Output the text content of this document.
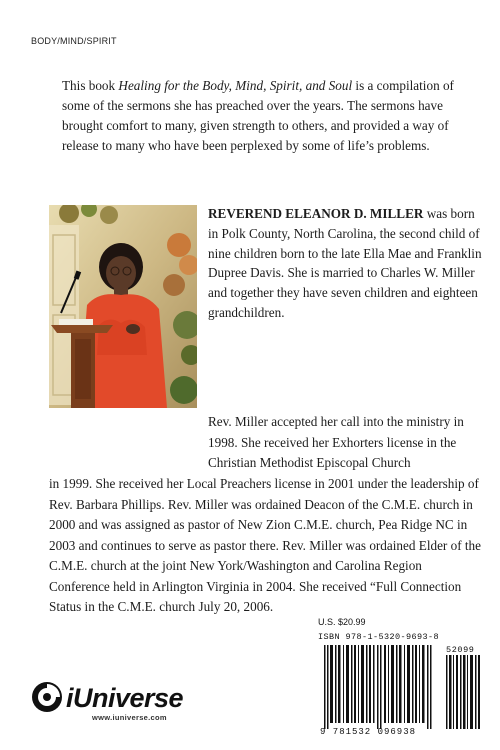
BODY/MIND/SPIRIT

This book Healing for the Body, Mind, Spirit, and Soul is a compilation of some of the sermons she has preached over the years. The sermons have brought comfort to many, given strength to others, and provided a way of release to many who have been perplexed by some of life’s problems.

REVEREND ELEANOR D. MILLER was born in Polk County, North Carolina, the second child of nine children born to the late Ella Mae and Franklin Dupree Davis. She is married to Charles W. Miller and together they have seven children and eighteen grandchildren.

Rev. Miller accepted her call into the ministry in 1998. She received her Exhorters license in the Christian Methodist Episcopal Church

in 1999. She received her Local Preachers license in 2001 under the leadership of Rev. Barbara Phillips. Rev. Miller was ordained Deacon of the C.M.E. church in 2000 and was assigned as pastor of New Zion C.M.E. church, Pea Ridge NC in 2003 and continues to serve as pastor there. Rev. Miller was ordained Elder of the C.M.E. church at the joint New York/Washington and Carolina Region Conference held in Arlington Virginia in 2004. She received “Full Connection Status in the C.M.E. church July 20, 2006.

iUniverse
www.iuniverse.com
U.S. $20.99
ISBN 978-1-5320-9693-8
52099
9 781532 096938
